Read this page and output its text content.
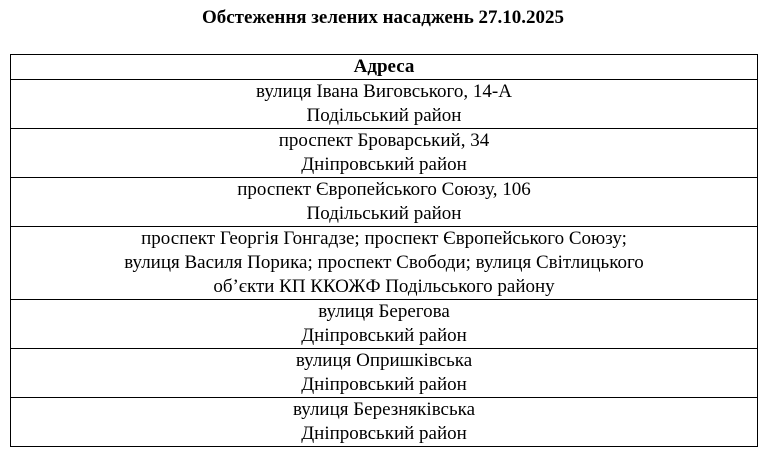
Обстеження зелених насаджень 27.10.2025
Адреса

вулиця Івана Виговського, 14-А
Подільський район

проспект Броварський, 34
Дніпровський район

проспект Європейського Союзу, 106
Подільський район

проспект Георгія Гонгадзе; проспект Європейського Союзу;
вулиця Василя Порика; проспект Свободи; вулиця Світлицького
об’єкти КП ККОЖФ Подільського району

вулиця Берегова
Дніпровський район

вулиця Опришківська
Дніпровський район

вулиця Березняківська
Дніпровський район
